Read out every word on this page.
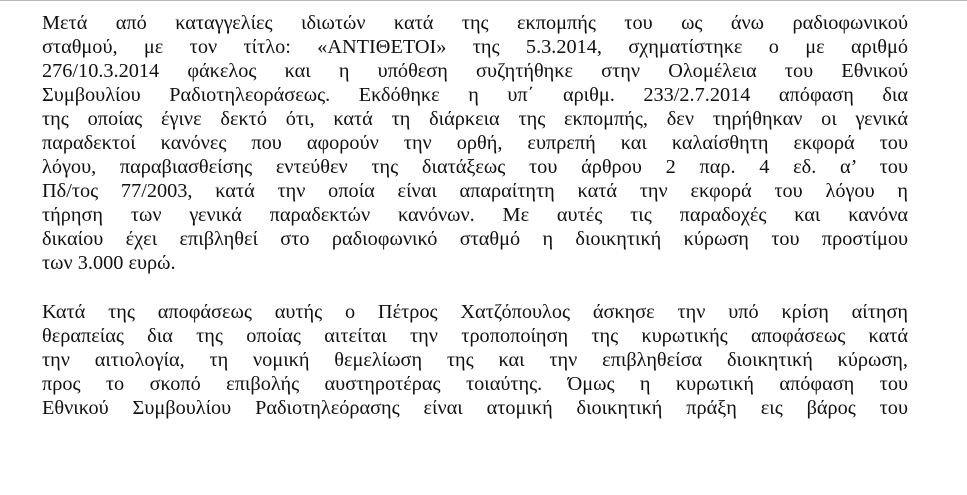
Μετά από καταγγελίες ιδιωτών κατά της εκπομπής του ως άνω ραδιοφωνικού
σταθμού, με τον τίτλο: «ΑΝΤΙΘΕΤΟΙ» της 5.3.2014, σχηματίστηκε ο με αριθμό
276/10.3.2014 φάκελος και η υπόθεση συζητήθηκε στην Ολομέλεια του Εθνικού
Συμβουλίου Ραδιοτηλεοράσεως. Εκδόθηκε η υπ΄ αριθμ. 233/2.7.2014 απόφαση δια
της οποίας έγινε δεκτό ότι, κατά τη διάρκεια της εκπομπής, δεν τηρήθηκαν οι γενικά
παραδεκτοί κανόνες που αφορούν την ορθή, ευπρεπή και καλαίσθητη εκφορά του
λόγου, παραβιασθείσης εντεύθεν της διατάξεως του άρθρου 2 παρ. 4 εδ. α’ του
Πδ/τος 77/2003, κατά την οποία είναι απαραίτητη κατά την εκφορά του λόγου η
τήρηση των γενικά παραδεκτών κανόνων. Με αυτές τις παραδοχές και κανόνα
δικαίου έχει επιβληθεί στο ραδιοφωνικό σταθμό η διοικητική κύρωση του προστίμου
των 3.000 ευρώ.

Κατά της αποφάσεως αυτής ο Πέτρος Χατζόπουλος άσκησε την υπό κρίση αίτηση
θεραπείας δια της οποίας αιτείται την τροποποίηση της κυρωτικής αποφάσεως κατά
την αιτιολογία, τη νομική θεμελίωση της και την επιβληθείσα διοικητική κύρωση,
προς το σκοπό επιβολής αυστηροτέρας τοιαύτης. Όμως η κυρωτική απόφαση του
Εθνικού Συμβουλίου Ραδιοτηλεόρασης είναι ατομική διοικητική πράξη εις βάρος του
